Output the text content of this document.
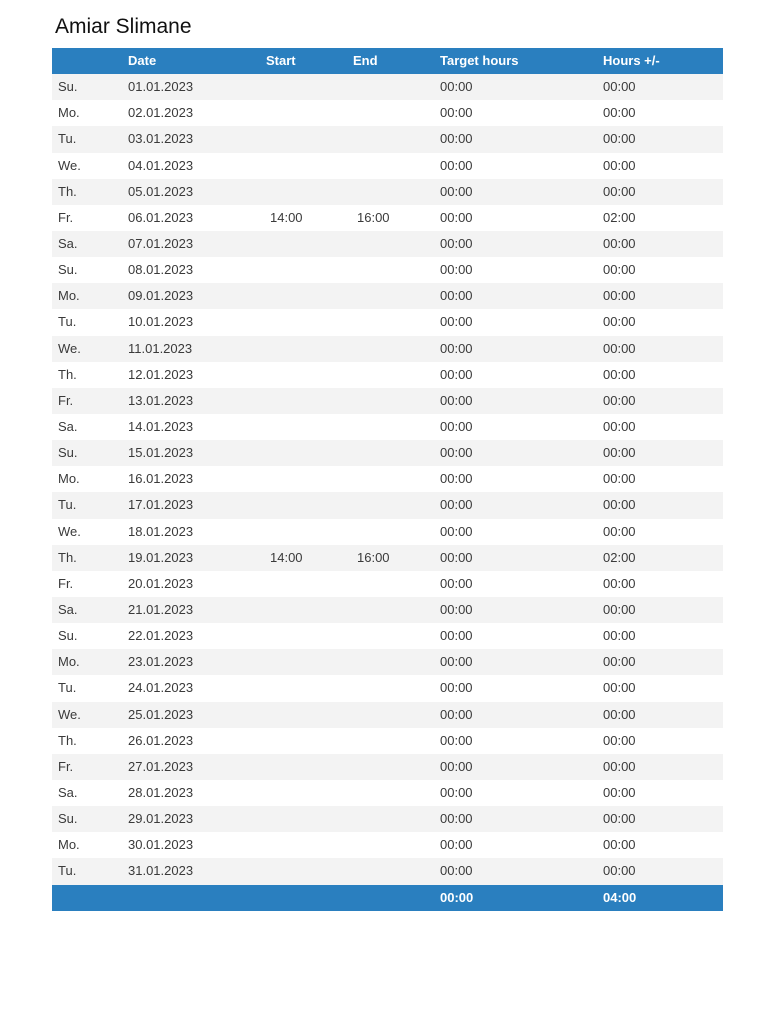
Amiar Slimane
	Date	Start	End	Target hours	Hours +/-
Su.	01.01.2023			00:00	00:00
Mo.	02.01.2023			00:00	00:00
Tu.	03.01.2023			00:00	00:00
We.	04.01.2023			00:00	00:00
Th.	05.01.2023			00:00	00:00
Fr.	06.01.2023	14:00	16:00	00:00	02:00
Sa.	07.01.2023			00:00	00:00
Su.	08.01.2023			00:00	00:00
Mo.	09.01.2023			00:00	00:00
Tu.	10.01.2023			00:00	00:00
We.	11.01.2023			00:00	00:00
Th.	12.01.2023			00:00	00:00
Fr.	13.01.2023			00:00	00:00
Sa.	14.01.2023			00:00	00:00
Su.	15.01.2023			00:00	00:00
Mo.	16.01.2023			00:00	00:00
Tu.	17.01.2023			00:00	00:00
We.	18.01.2023			00:00	00:00
Th.	19.01.2023	14:00	16:00	00:00	02:00
Fr.	20.01.2023			00:00	00:00
Sa.	21.01.2023			00:00	00:00
Su.	22.01.2023			00:00	00:00
Mo.	23.01.2023			00:00	00:00
Tu.	24.01.2023			00:00	00:00
We.	25.01.2023			00:00	00:00
Th.	26.01.2023			00:00	00:00
Fr.	27.01.2023			00:00	00:00
Sa.	28.01.2023			00:00	00:00
Su.	29.01.2023			00:00	00:00
Mo.	30.01.2023			00:00	00:00
Tu.	31.01.2023			00:00	00:00
				00:00	04:00
